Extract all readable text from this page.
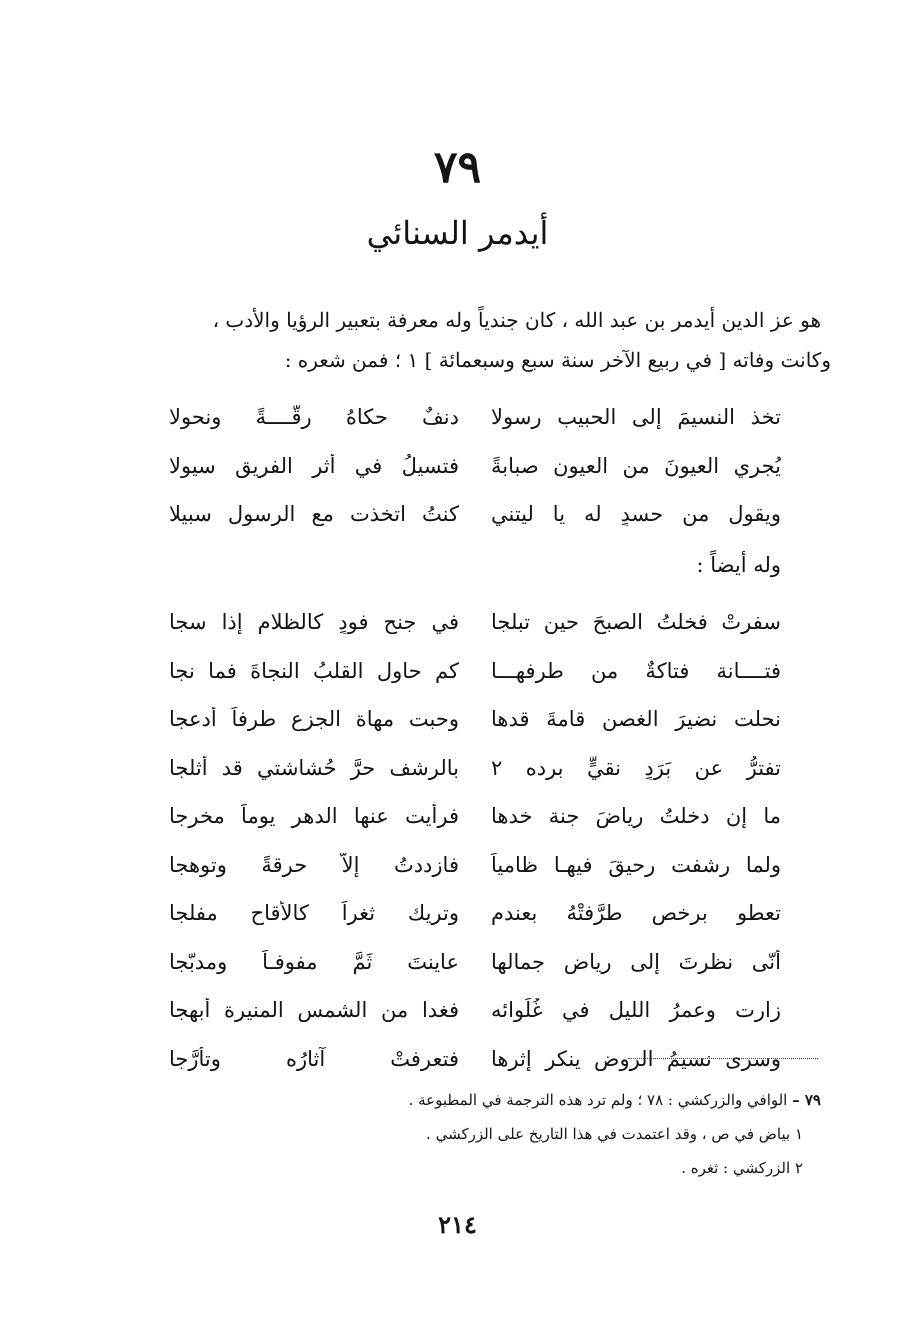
٧٩
أيدمر السنائي

هو عز الدين أيدمر بن عبد الله ، كان جندياً وله معرفة بتعبير الرؤيا والأدب ،

وكانت وفاته [ في ربيع الآخر سنة سبع وسبعمائة ] ١ ؛ فمن شعره :

تخذ النسيمَ إلى الحبيب رسولا
دنفٌ حكاهُ رقّــــةً ونحولا
يُجري العيونَ من العيون صبابةً
فتسيلُ في أثر الفريق سيولا
ويقول من حسدٍ له يا ليتني
كنتُ اتخذت مع الرسول سبيلا
وله أيضاً :
سفرتْ فخلتُ الصبحَ حين تبلجا
في جنح فودٍ كالظلام إذا سجا
فتــــانة فتاكةٌ من طرفهـــا
كم حاول القلبُ النجاةَ فما نجا
نحلت نضيرَ الغصن قامةَ قدها
وحبت مهاة الجزع طرفاً أدعجا
تفترُّ عن بَرَدٍ نقيٍّ برده ٢
بالرشف حرَّ حُشاشتي قد أثلجا
ما إن دخلتُ رياضَ جنة خدها
فرأيت عنها الدهر يوماً مخرجا
ولما رشفت رحيقَ فيهـا ظامياً
فازددتُ إلاّ حرقةً وتوهجا
تعطو برخصٍ طرَّفتْهُ بعندمٍ
وتريك ثغراً كالأقاح مفلجا
أنّى نظرتَ إلى رياض جمالها
عاينتَ ثَمَّ مفوفـاً ومدبّجا
زارت وعمرُ الليل في غُلَوائه
فغدا من الشمس المنيرة أبهجا
وسرى نسيمُ الروض ينكر إثرها
فتعرفتْ آثارُه وتأرَّجا

٧٩ – الوافي والزركشي : ٧٨ ؛ ولم ترد هذه الترجمة في المطبوعة .

١ بياض في ص ، وقد اعتمدت في هذا التاريخ على الزركشي .

٢ الزركشي : ثغره .

٢١٤
